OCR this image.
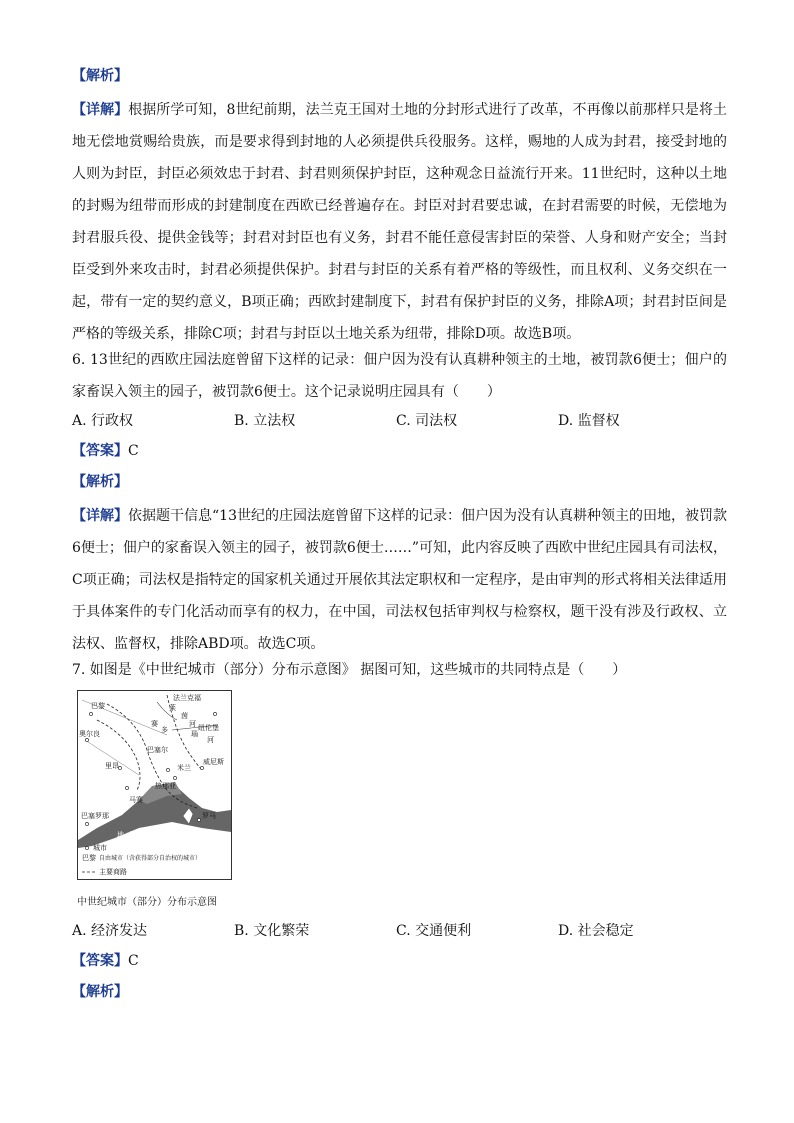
【解析】
【详解】根据所学可知，8世纪前期，法兰克王国对土地的分封形式进行了改革，不再像以前那样只是将土地无偿地赏赐给贵族，而是要求得到封地的人必须提供兵役服务。这样，赐地的人成为封君，接受封地的人则为封臣，封臣必须效忠于封君、封君则须保护封臣，这种观念日益流行开来。11世纪时，这种以土地的封赐为纽带而形成的封建制度在西欧已经普遍存在。封臣对封君要忠诚，在封君需要的时候，无偿地为封君服兵役、提供金钱等；封君对封臣也有义务，封君不能任意侵害封臣的荣誉、人身和财产安全；当封臣受到外来攻击时，封君必须提供保护。封君与封臣的关系有着严格的等级性，而且权利、义务交织在一起，带有一定的契约意义，B项正确；西欧封建制度下，封君有保护封臣的义务，排除A项；封君封臣间是严格的等级关系，排除C项；封君与封臣以土地关系为纽带，排除D项。故选B项。
6. 13世纪的西欧庄园法庭曾留下这样的记录：佃户因为没有认真耕种领主的土地，被罚款6便士；佃户的家畜误入领主的园子，被罚款6便士。这个记录说明庄园具有（　　）
A. 行政权	B. 立法权	C. 司法权	D. 监督权
【答案】C
【解析】
【详解】依据题干信息“13世纪的庄园法庭曾留下这样的记录：佃户因为没有认真耕种领主的田地，被罚款6便士；佃户的家畜误入领主的园子，被罚款6便士……”可知，此内容反映了西欧中世纪庄园具有司法权，C项正确；司法权是指特定的国家机关通过开展依其法定职权和一定程序，是由审判的形式将相关法律适用于具体案件的专门化活动而享有的权力，在中国，司法权包括审判权与检察权，题干没有涉及行政权、立法权、监督权，排除ABD项。故选C项。
7. 如图是《中世纪城市（部分）分布示意图》 据图可知，这些城市的共同特点是（　　）
法兰克福
莱
茵
河
巴黎
奥尔良
赛
多	瑙
河
纽伦堡
巴塞尔
威尼斯
里昂	米兰
热那亚
马赛
巴塞罗那	罗马
地 中 海
城市
巴黎 自由城市（含获得部分自治权的城市）
主要商路
中世纪城市（部分）分布示意图
A. 经济发达	B. 文化繁荣	C. 交通便利	D. 社会稳定
【答案】C
【解析】
